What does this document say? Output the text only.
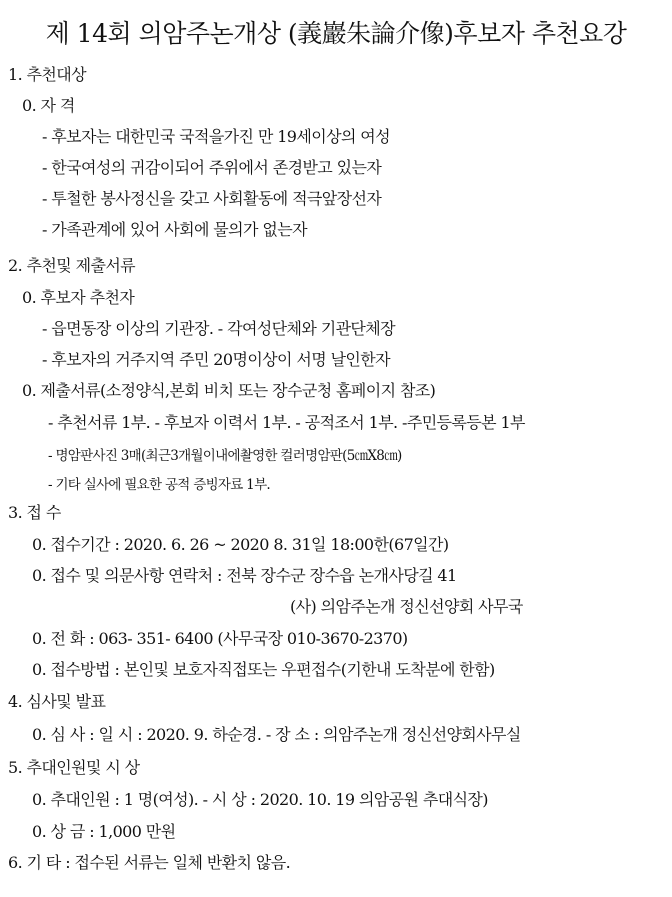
제 14회 의암주논개상 (義巖朱論介像)후보자 추천요강
1. 추천대상
0. 자 격
- 후보자는 대한민국 국적을가진 만 19세이상의 여성
- 한국여성의 귀감이되어 주위에서 존경받고 있는자
- 투철한 봉사정신을 갖고 사회활동에 적극앞장선자
- 가족관계에 있어 사회에 물의가 없는자
2. 추천및 제출서류
0. 후보자 추천자
- 읍면동장 이상의 기관장. - 각여성단체와 기관단체장
- 후보자의 거주지역 주민 20명이상이 서명 날인한자
0. 제출서류(소정양식,본회 비치 또는 장수군청 홈페이지 참조)
- 추천서류 1부. - 후보자 이력서 1부. - 공적조서 1부. -주민등록등본 1부
- 명암판사진 3매(최근3개월이내에촬영한 컬러명암판(5㎝X8㎝)
- 기타 실사에 필요한 공적 증빙자료 1부.
3. 접 수
0. 접수기간 : 2020. 6. 26 ~ 2020 8. 31일 18:00한(67일간)
0. 접수 및 의문사항 연락처 : 전북 장수군 장수읍 논개사당길 41
(사) 의암주논개 정신선양회 사무국
0. 전 화 : 063- 351- 6400 (사무국장 010-3670-2370)
0. 접수방법 : 본인및 보호자직접또는 우편접수(기한내 도착분에 한함)
4. 심사및 발표
0. 심 사 : 일 시 : 2020. 9. 하순경. - 장 소 : 의암주논개 정신선양회사무실
5. 추대인원및 시 상
0. 추대인원 : 1 명(여성). - 시 상 : 2020. 10. 19 의암공원 추대식장)
0. 상 금 : 1,000 만원
6. 기 타 : 접수된 서류는 일체 반환치 않음.
